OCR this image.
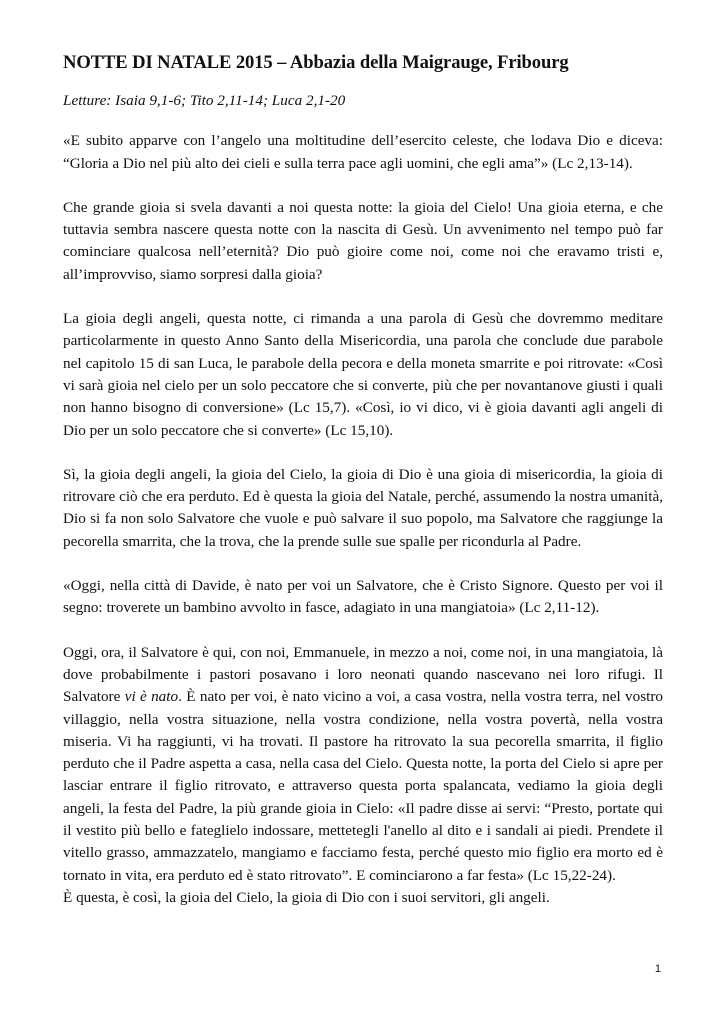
NOTTE DI NATALE 2015 – Abbazia della Maigrauge, Fribourg

Letture: Isaia 9,1-6; Tito 2,11-14; Luca 2,1-20

«E subito apparve con l’angelo una moltitudine dell’esercito celeste, che lodava Dio e diceva: “Gloria a Dio nel più alto dei cieli e sulla terra pace agli uomini, che egli ama”» (Lc 2,13-14).

Che grande gioia si svela davanti a noi questa notte: la gioia del Cielo! Una gioia eterna, e che tuttavia sembra nascere questa notte con la nascita di Gesù. Un avvenimento nel tempo può far cominciare qualcosa nell’eternità? Dio può gioire come noi, come noi che eravamo tristi e, all’improvviso, siamo sorpresi dalla gioia?

La gioia degli angeli, questa notte, ci rimanda a una parola di Gesù che dovremmo meditare particolarmente in questo Anno Santo della Misericordia, una parola che conclude due parabole nel capitolo 15 di san Luca, le parabole della pecora e della moneta smarrite e poi ritrovate: «Così vi sarà gioia nel cielo per un solo peccatore che si converte, più che per novantanove giusti i quali non hanno bisogno di conversione» (Lc 15,7). «Così, io vi dico, vi è gioia davanti agli angeli di Dio per un solo peccatore che si converte» (Lc 15,10).

Sì, la gioia degli angeli, la gioia del Cielo, la gioia di Dio è una gioia di misericordia, la gioia di ritrovare ciò che era perduto. Ed è questa la gioia del Natale, perché, assumendo la nostra umanità, Dio si fa non solo Salvatore che vuole e può salvare il suo popolo, ma Salvatore che raggiunge la pecorella smarrita, che la trova, che la prende sulle sue spalle per ricondurla al Padre.

«Oggi, nella città di Davide, è nato per voi un Salvatore, che è Cristo Signore. Questo per voi il segno: troverete un bambino avvolto in fasce, adagiato in una mangiatoia» (Lc 2,11-12).

Oggi, ora, il Salvatore è qui, con noi, Emmanuele, in mezzo a noi, come noi, in una mangiatoia, là dove probabilmente i pastori posavano i loro neonati quando nascevano nei loro rifugi. Il Salvatore vi è nato. È nato per voi, è nato vicino a voi, a casa vostra, nella vostra terra, nel vostro villaggio, nella vostra situazione, nella vostra condizione, nella vostra povertà, nella vostra miseria. Vi ha raggiunti, vi ha trovati. Il pastore ha ritrovato la sua pecorella smarrita, il figlio perduto che il Padre aspetta a casa, nella casa del Cielo. Questa notte, la porta del Cielo si apre per lasciar entrare il figlio ritrovato, e attraverso questa porta spalancata, vediamo la gioia degli angeli, la festa del Padre, la più grande gioia in Cielo: «Il padre disse ai servi: “Presto, portate qui il vestito più bello e fateglielo indossare, mettetegli l'anello al dito e i sandali ai piedi. Prendete il vitello grasso, ammazzatelo, mangiamo e facciamo festa, perché questo mio figlio era morto ed è tornato in vita, era perduto ed è stato ritrovato”. E cominciarono a far festa» (Lc 15,22-24).

È questa, è così, la gioia del Cielo, la gioia di Dio con i suoi servitori, gli angeli.

1
